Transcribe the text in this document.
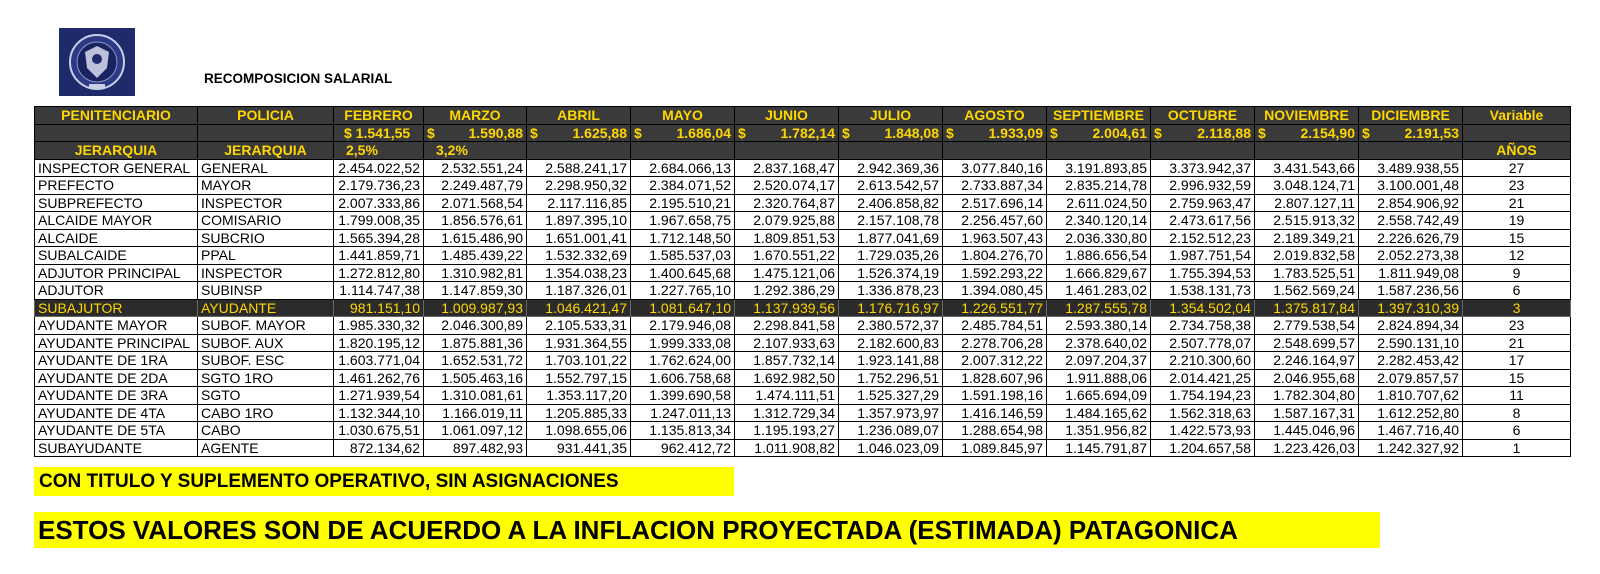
RECOMPOSICION SALARIAL
PENITENCIARIO	POLICIA	FEBRERO	MARZO	ABRIL	MAYO	JUNIO	JULIO	AGOSTO	SEPTIEMBRE	OCTUBRE	NOVIEMBRE	DICIEMBRE	Variable
		$ 1.541,55	$ 1.590,88	$ 1.625,88	$ 1.686,04	$ 1.782,14	$ 1.848,08	$ 1.933,09	$ 2.004,61	$ 2.118,88	$ 2.154,90	$ 2.191,53	
JERARQUIA	JERARQUIA	2,5%	3,2%										AÑOS
INSPECTOR GENERAL	GENERAL	2.454.022,52	2.532.551,24	2.588.241,17	2.684.066,13	2.837.168,47	2.942.369,36	3.077.840,16	3.191.893,85	3.373.942,37	3.431.543,66	3.489.938,55	27
PREFECTO	MAYOR	2.179.736,23	2.249.487,79	2.298.950,32	2.384.071,52	2.520.074,17	2.613.542,57	2.733.887,34	2.835.214,78	2.996.932,59	3.048.124,71	3.100.001,48	23
SUBPREFECTO	INSPECTOR	2.007.333,86	2.071.568,54	2.117.116,85	2.195.510,21	2.320.764,87	2.406.858,82	2.517.696,14	2.611.024,50	2.759.963,47	2.807.127,11	2.854.906,92	21
ALCAIDE MAYOR	COMISARIO	1.799.008,35	1.856.576,61	1.897.395,10	1.967.658,75	2.079.925,88	2.157.108,78	2.256.457,60	2.340.120,14	2.473.617,56	2.515.913,32	2.558.742,49	19
ALCAIDE	SUBCRIO	1.565.394,28	1.615.486,90	1.651.001,41	1.712.148,50	1.809.851,53	1.877.041,69	1.963.507,43	2.036.330,80	2.152.512,23	2.189.349,21	2.226.626,79	15
SUBALCAIDE	PPAL	1.441.859,71	1.485.439,22	1.532.332,69	1.585.537,03	1.670.551,22	1.729.035,26	1.804.276,70	1.886.656,54	1.987.751,54	2.019.832,58	2.052.273,38	12
ADJUTOR PRINCIPAL	INSPECTOR	1.272.812,80	1.310.982,81	1.354.038,23	1.400.645,68	1.475.121,06	1.526.374,19	1.592.293,22	1.666.829,67	1.755.394,53	1.783.525,51	1.811.949,08	9
ADJUTOR	SUBINSP	1.114.747,38	1.147.859,30	1.187.326,01	1.227.765,10	1.292.386,29	1.336.878,23	1.394.080,45	1.461.283,02	1.538.131,73	1.562.569,24	1.587.236,56	6
SUBAJUTOR	AYUDANTE	981.151,10	1.009.987,93	1.046.421,47	1.081.647,10	1.137.939,56	1.176.716,97	1.226.551,77	1.287.555,78	1.354.502,04	1.375.817,84	1.397.310,39	3
AYUDANTE MAYOR	SUBOF. MAYOR	1.985.330,32	2.046.300,89	2.105.533,31	2.179.946,08	2.298.841,58	2.380.572,37	2.485.784,51	2.593.380,14	2.734.758,38	2.779.538,54	2.824.894,34	23
AYUDANTE PRINCIPAL	SUBOF. AUX	1.820.195,12	1.875.881,36	1.931.364,55	1.999.333,08	2.107.933,63	2.182.600,83	2.278.706,28	2.378.640,02	2.507.778,07	2.548.699,57	2.590.131,10	21
AYUDANTE DE 1RA	SUBOF. ESC	1.603.771,04	1.652.531,72	1.703.101,22	1.762.624,00	1.857.732,14	1.923.141,88	2.007.312,22	2.097.204,37	2.210.300,60	2.246.164,97	2.282.453,42	17
AYUDANTE DE 2DA	SGTO 1RO	1.461.262,76	1.505.463,16	1.552.797,15	1.606.758,68	1.692.982,50	1.752.296,51	1.828.607,96	1.911.888,06	2.014.421,25	2.046.955,68	2.079.857,57	15
AYUDANTE DE 3RA	SGTO	1.271.939,54	1.310.081,61	1.353.117,20	1.399.690,58	1.474.111,51	1.525.327,29	1.591.198,16	1.665.694,09	1.754.194,23	1.782.304,80	1.810.707,62	11
AYUDANTE DE 4TA	CABO 1RO	1.132.344,10	1.166.019,11	1.205.885,33	1.247.011,13	1.312.729,34	1.357.973,97	1.416.146,59	1.484.165,62	1.562.318,63	1.587.167,31	1.612.252,80	8
AYUDANTE DE 5TA	CABO	1.030.675,51	1.061.097,12	1.098.655,06	1.135.813,34	1.195.193,27	1.236.089,07	1.288.654,98	1.351.956,82	1.422.573,93	1.445.046,96	1.467.716,40	6
SUBAYUDANTE	AGENTE	872.134,62	897.482,93	931.441,35	962.412,72	1.011.908,82	1.046.023,09	1.089.845,97	1.145.791,87	1.204.657,58	1.223.426,03	1.242.327,92	1
CON TITULO Y SUPLEMENTO OPERATIVO, SIN ASIGNACIONES
ESTOS VALORES SON DE ACUERDO A LA INFLACION PROYECTADA (ESTIMADA) PATAGONICA
